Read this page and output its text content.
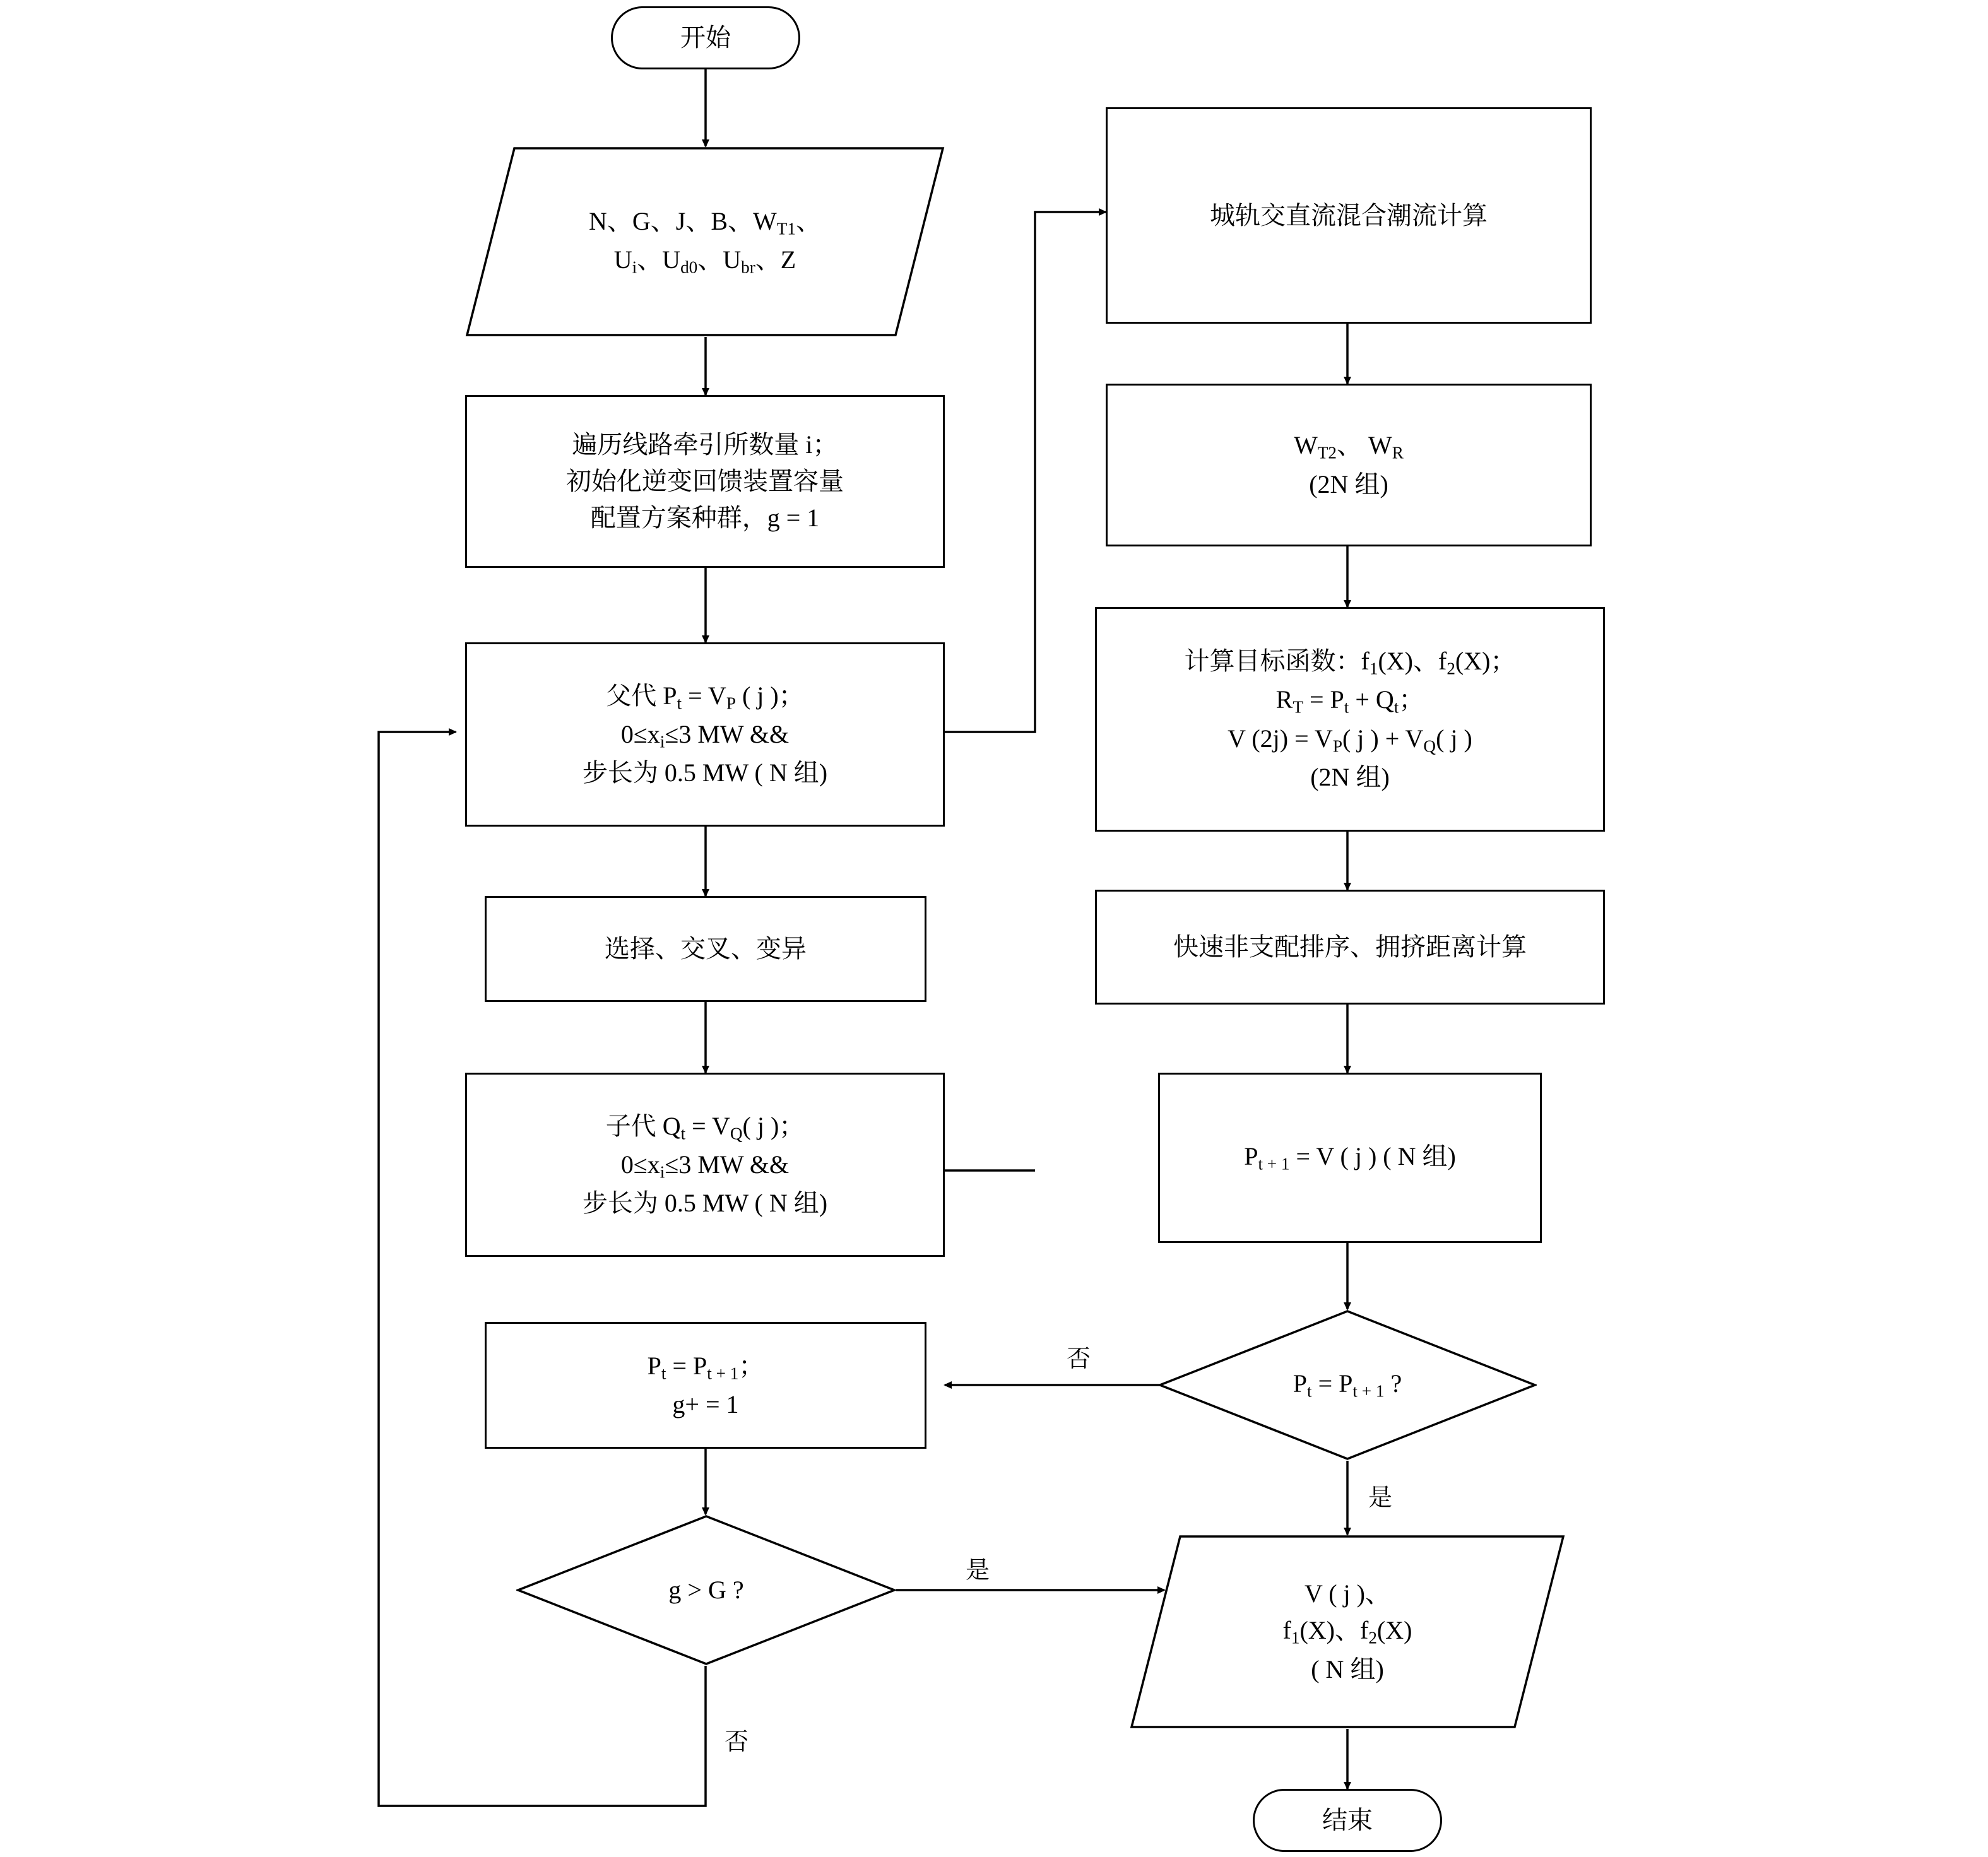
开始
N、G、J、B、$W_{T1}$、
$U_i$、$U_{d0}$、$U_{br}$、Z
遍历线路牵引所数量 i；
初始化逆变回馈装置容量
配置方案种群，g = 1
父代 $P_t = V_P$ ( j )；
$0\le x_i\le 3$ MW &&
步长为 0.5 MW ( N 组)
选择、交叉、变异
子代 $Q_t = V_Q$( j )；
$0\le x_i\le 3$ MW &&
步长为 0.5 MW ( N 组)
城轨交直流混合潮流计算
$W_{T2}$、 $W_R$
(2N 组)
计算目标函数：$f_1(X)$、$f_2(X)$；
$R_T = P_t + Q_t$；
V $(2j) = V_P$( j ) + $V_Q$( j )
(2N 组)
快速非支配排序、拥挤距离计算
$P_{t + 1} = V$ ( j ) ( N 组)
$P_t = P_{t + 1}$ ?
$P_t = P_{t + 1}$；
g+ = 1
g > G ?	V ( j )、
$f_1(X)$、$f_2(X)$
( N 组)
结束
否
是
是
否
